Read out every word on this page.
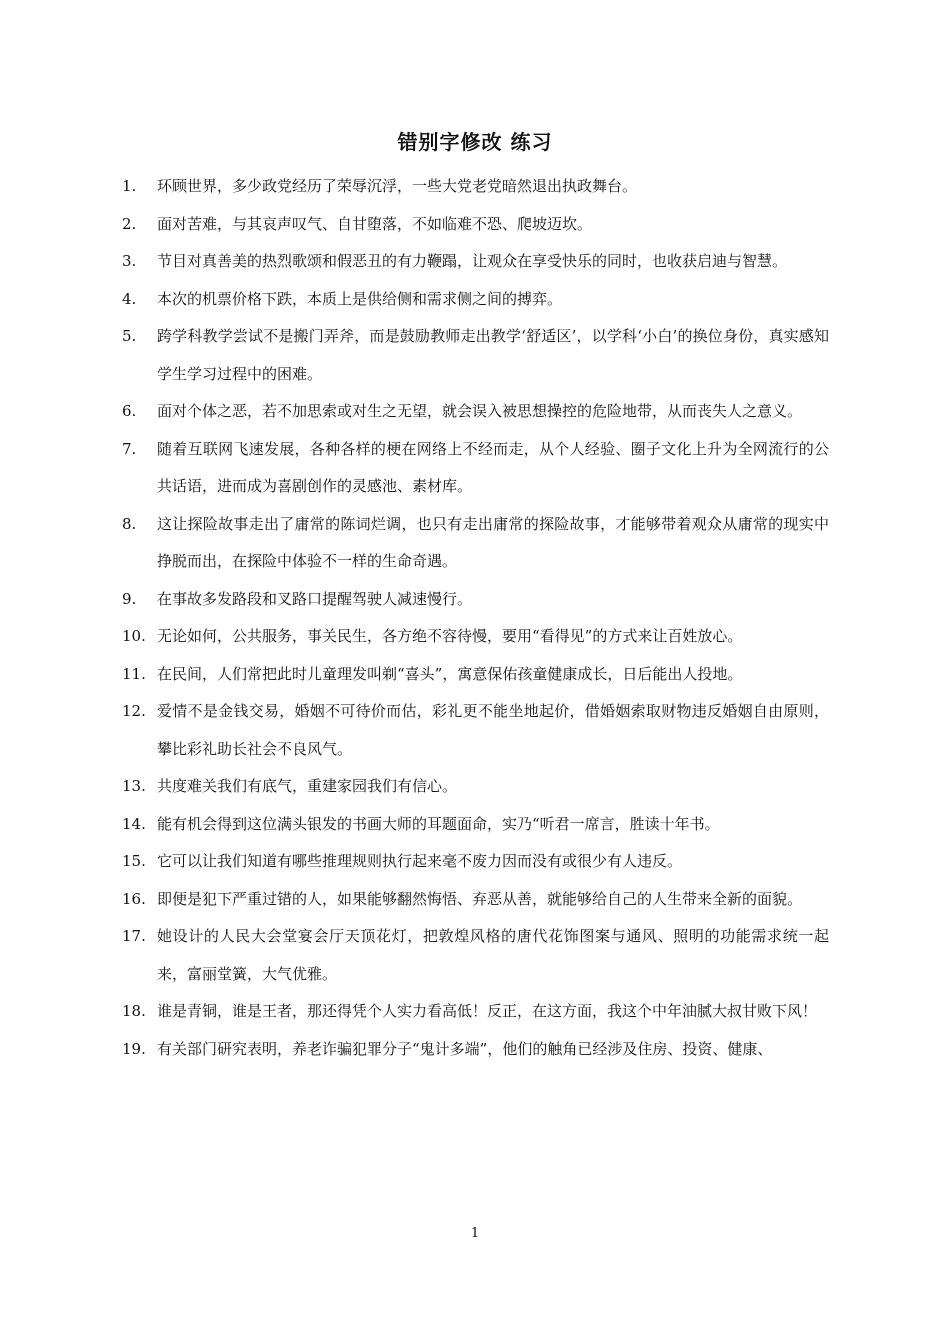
错别字修改 练习
1.	环顾世界，多少政党经历了荣辱沉浮，一些大党老党暗然退出执政舞台。
2.	面对苦难，与其哀声叹气、自甘堕落，不如临难不恐、爬坡迈坎。
3.	节目对真善美的热烈歌颂和假恶丑的有力鞭蹋，让观众在享受快乐的同时，也收获启迪与智慧。
4.	本次的机票价格下跌，本质上是供给侧和需求侧之间的搏弈。
5.	跨学科教学尝试不是搬门弄斧，而是鼓励教师走出教学‘舒适区’，以学科‘小白’的换位身份，真实感知学生学习过程中的困难。
6.	面对个体之恶，若不加思索或对生之无望，就会误入被思想操控的危险地带，从而丧失人之意义。
7.	随着互联网飞速发展，各种各样的梗在网络上不经而走，从个人经验、圈子文化上升为全网流行的公共话语，进而成为喜剧创作的灵感池、素材库。
8.	这让探险故事走出了庸常的陈词烂调，也只有走出庸常的探险故事，才能够带着观众从庸常的现实中挣脱而出，在探险中体验不一样的生命奇遇。
9.	在事故多发路段和叉路口提醒驾驶人减速慢行。
10. 无论如何，公共服务，事关民生，各方绝不容待慢，要用“看得见”的方式来让百姓放心。
11. 在民间，人们常把此时儿童理发叫剃“喜头”，寓意保佑孩童健康成长，日后能出人投地。
12. 爱情不是金钱交易，婚姻不可待价而估，彩礼更不能坐地起价，借婚姻索取财物违反婚姻自由原则，攀比彩礼助长社会不良风气。
13. 共度难关我们有底气，重建家园我们有信心。
14. 能有机会得到这位满头银发的书画大师的耳题面命，实乃“听君一席言，胜读十年书。
15. 它可以让我们知道有哪些推理规则执行起来毫不废力因而没有或很少有人违反。
16. 即便是犯下严重过错的人，如果能够翻然悔悟、弃恶从善，就能够给自己的人生带来全新的面貌。
17. 她设计的人民大会堂宴会厅天顶花灯，把敦煌风格的唐代花饰图案与通风、照明的功能需求统一起来，富丽堂簧，大气优雅。
18. 谁是青铜，谁是王者，那还得凭个人实力看高低！反正，在这方面，我这个中年油腻大叔甘败下风！
19. 有关部门研究表明，养老诈骗犯罪分子“鬼计多端”，他们的触角已经涉及住房、投资、健康、
1
